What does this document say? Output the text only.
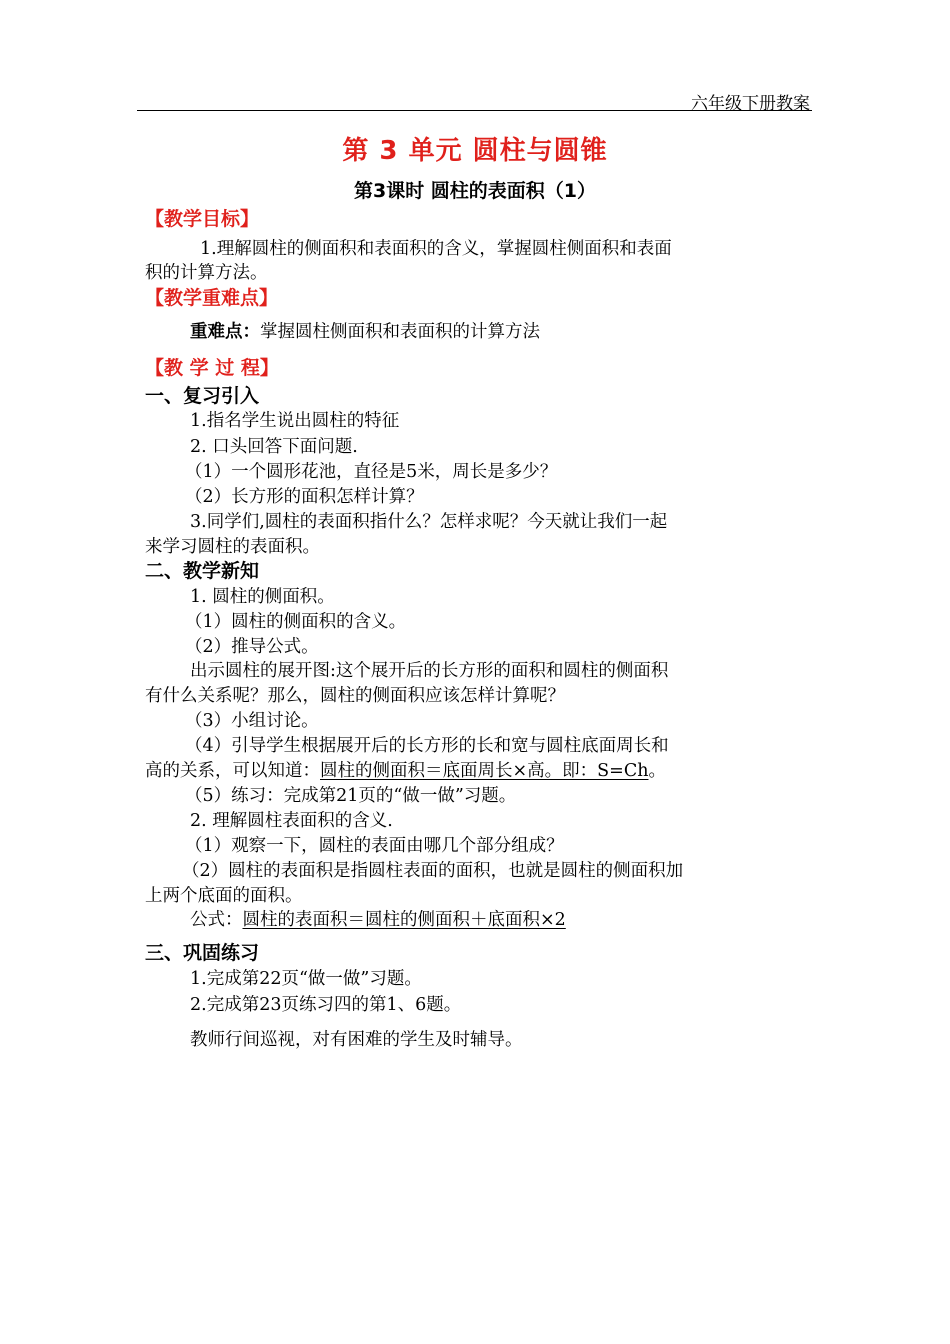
六年级下册教案
第 3 单元 圆柱与圆锥
第3课时 圆柱的表面积（1）
【教学目标】
1.理解圆柱的侧面积和表面积的含义，掌握圆柱侧面积和表面
积的计算方法。
【教学重难点】
重难点：掌握圆柱侧面积和表面积的计算方法
【教 学 过 程】
一、复习引入
1.指名学生说出圆柱的特征
2. 口头回答下面问题.
（1）一个圆形花池，直径是5米，周长是多少？
（2）长方形的面积怎样计算？
3.同学们,圆柱的表面积指什么？怎样求呢？今天就让我们一起
来学习圆柱的表面积。
二、教学新知
1. 圆柱的侧面积。
（1）圆柱的侧面积的含义。
（2）推导公式。
出示圆柱的展开图:这个展开后的长方形的面积和圆柱的侧面积
有什么关系呢？那么，圆柱的侧面积应该怎样计算呢？
（3）小组讨论。
（4）引导学生根据展开后的长方形的长和宽与圆柱底面周长和
高的关系，可以知道：圆柱的侧面积＝底面周长×高。即：S=Ch。
（5）练习：完成第21页的“做一做”习题。
2. 理解圆柱表面积的含义.
（1）观察一下，圆柱的表面由哪几个部分组成？
（2）圆柱的表面积是指圆柱表面的面积，也就是圆柱的侧面积加
上两个底面的面积。
公式：圆柱的表面积＝圆柱的侧面积＋底面积×2
三、巩固练习
1.完成第22页“做一做”习题。
2.完成第23页练习四的第1、6题。
教师行间巡视，对有困难的学生及时辅导。
